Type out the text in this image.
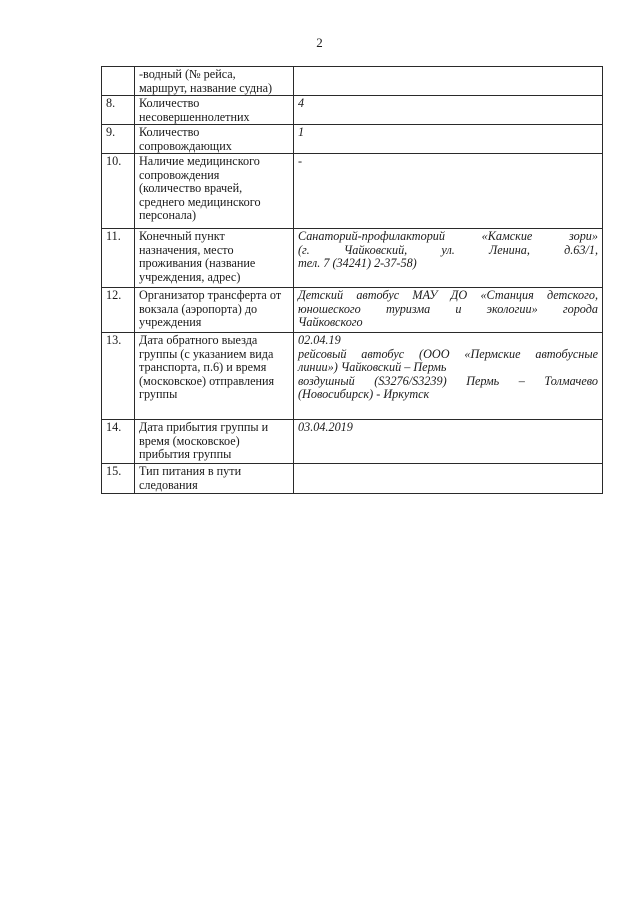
2

	-водный (№ рейса,
маршрут, название судна)	

8.	Количество
несовершеннолетних	4

9.	Количество
сопровождающих	1

10.	Наличие медицинского
сопровождения
(количество врачей,
среднего медицинского
персонала)	-

11.	Конечный пункт
назначения, место
проживания (название
учреждения, адрес)	Санаторий-профилакторий «Камские зори»
(г. Чайковский, ул. Ленина, д.63/1,
тел. 7 (34241) 2-37-58)

12.	Организатор трансферта от
вокзала (аэропорта) до
учреждения	Детский автобус МАУ ДО «Станция детского,
юношеского туризма и экологии» города
Чайковского

13.	Дата обратного выезда
группы (с указанием вида
транспорта, п.6) и время
(московское) отправления
группы	02.04.19
рейсовый автобус (ООО «Пермские автобусные
линии») Чайковский – Пермь
воздушный (S3276/S3239) Пермь – Толмачево
(Новосибирск) - Иркутск

14.	Дата прибытия группы и
время (московское)
прибытия группы	03.04.2019

15.	Тип питания в пути
следования	
